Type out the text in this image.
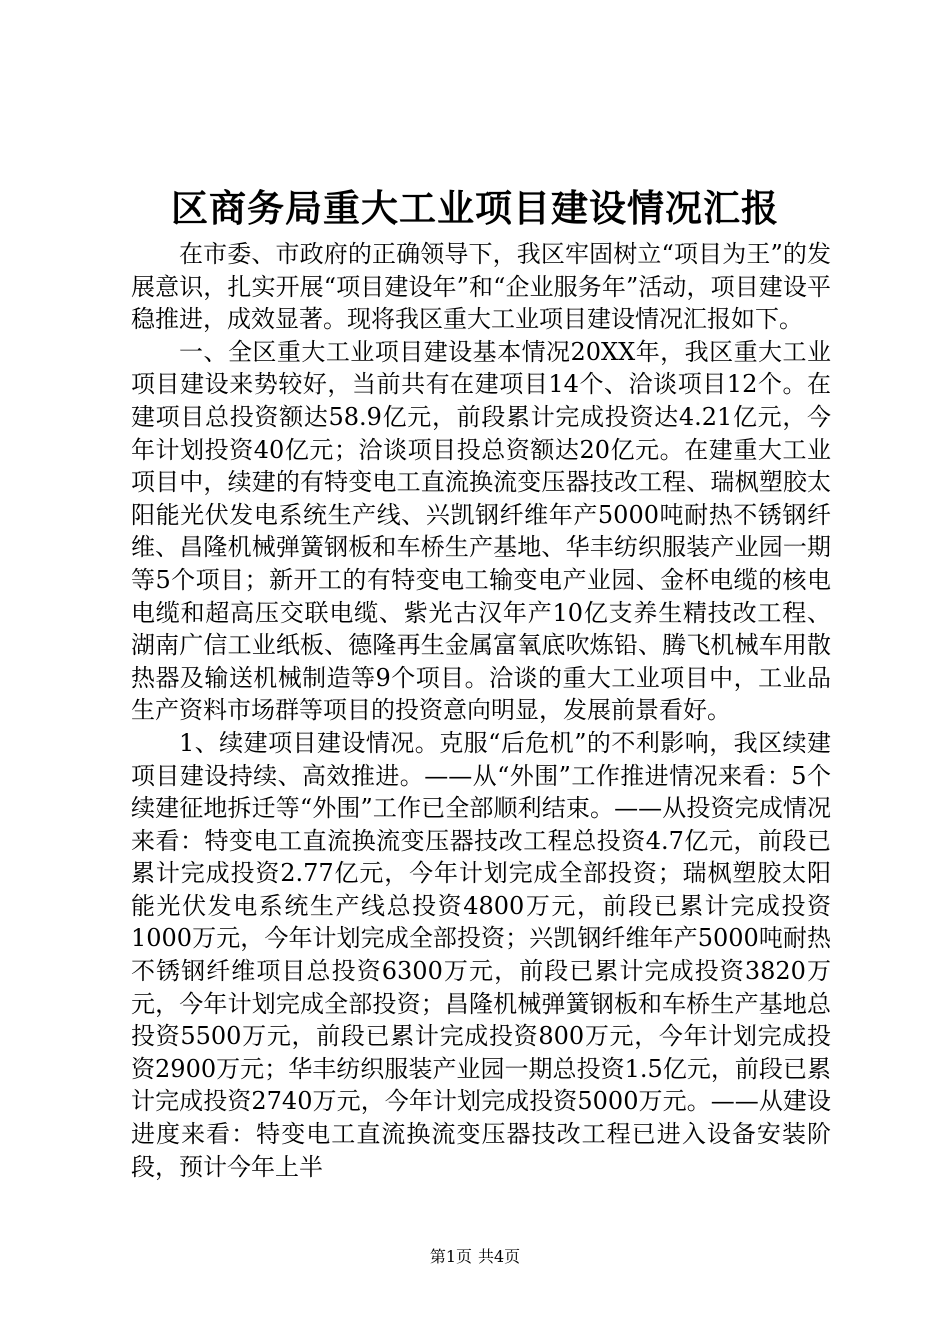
区商务局重大工业项目建设情况汇报

在市委、市政府的正确领导下，我区牢固树立“项目为王”的发展意识，扎实开展“项目建设年”和“企业服务年”活动，项目建设平稳推进，成效显著。现将我区重大工业项目建设情况汇报如下。

一、全区重大工业项目建设基本情况20XX年，我区重大工业项目建设来势较好，当前共有在建项目14个、洽谈项目12个。在建项目总投资额达58.9亿元，前段累计完成投资达4.21亿元，今年计划投资40亿元；洽谈项目投总资额达20亿元。在建重大工业项目中，续建的有特变电工直流换流变压器技改工程、瑞枫塑胶太阳能光伏发电系统生产线、兴凯钢纤维年产5000吨耐热不锈钢纤维、昌隆机械弹簧钢板和车桥生产基地、华丰纺织服装产业园一期等5个项目；新开工的有特变电工输变电产业园、金杯电缆的核电电缆和超高压交联电缆、紫光古汉年产10亿支养生精技改工程、湖南广信工业纸板、德隆再生金属富氧底吹炼铅、腾飞机械车用散热器及输送机械制造等9个项目。洽谈的重大工业项目中，工业品生产资料市场群等项目的投资意向明显，发展前景看好。

1、续建项目建设情况。克服“后危机”的不利影响，我区续建项目建设持续、高效推进。——从“外围”工作推进情况来看：5个续建征地拆迁等“外围”工作已全部顺利结束。——从投资完成情况来看：特变电工直流换流变压器技改工程总投资4.7亿元，前段已累计完成投资2.77亿元，今年计划完成全部投资；瑞枫塑胶太阳能光伏发电系统生产线总投资4800万元，前段已累计完成投资1000万元，今年计划完成全部投资；兴凯钢纤维年产5000吨耐热不锈钢纤维项目总投资6300万元，前段已累计完成投资3820万元，今年计划完成全部投资；昌隆机械弹簧钢板和车桥生产基地总投资5500万元，前段已累计完成投资800万元，今年计划完成投资2900万元；华丰纺织服装产业园一期总投资1.5亿元，前段已累计完成投资2740万元，今年计划完成投资5000万元。——从建设进度来看：特变电工直流换流变压器技改工程已进入设备安装阶段，预计今年上半

第1页 共4页
